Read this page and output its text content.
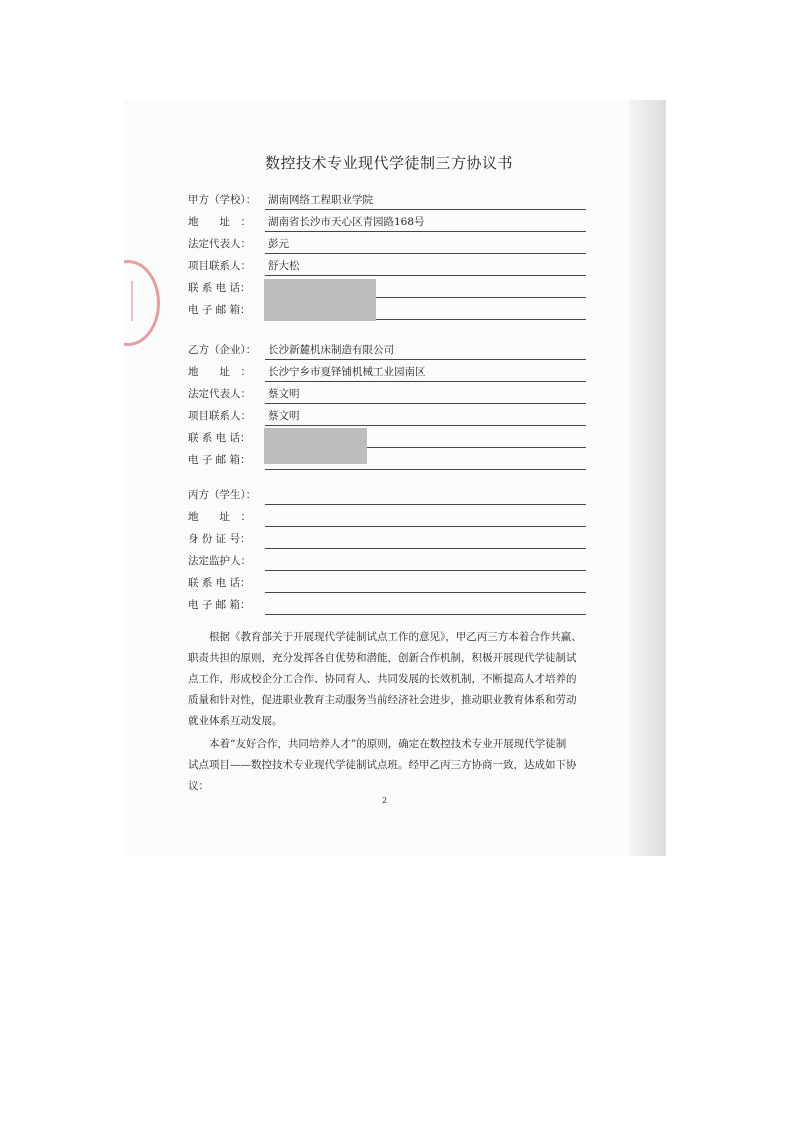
数控技术专业现代学徒制三方协议书
甲方（学校）：	湖南网络工程职业学院
地　　址　：	湖南省长沙市天心区青园路168号
法定代表人：	彭元
项目联系人：	舒大松
联 系 电 话：
电 子 邮 箱：
乙方（企业）：	长沙新麓机床制造有限公司
地　　址　：	长沙宁乡市夏铎铺机械工业园南区
法定代表人：	蔡文明
项目联系人：	蔡文明
联 系 电 话：
电 子 邮 箱：
丙方（学生）：
地　　址　：
身 份 证 号：
法定监护人：
联 系 电 话：
电 子 邮 箱：
　　根据《教育部关于开展现代学徒制试点工作的意见》，甲乙丙三方本着合作共赢、
职责共担的原则，充分发挥各自优势和潜能，创新合作机制，积极开展现代学徒制试
点工作，形成校企分工合作、协同育人、共同发展的长效机制，不断提高人才培养的
质量和针对性，促进职业教育主动服务当前经济社会进步，推动职业教育体系和劳动
就业体系互动发展。
　　本着“友好合作，共同培养人才”的原则，确定在数控技术专业开展现代学徒制
试点项目——数控技术专业现代学徒制试点班。经甲乙丙三方协商一致，达成如下协
议：
2
